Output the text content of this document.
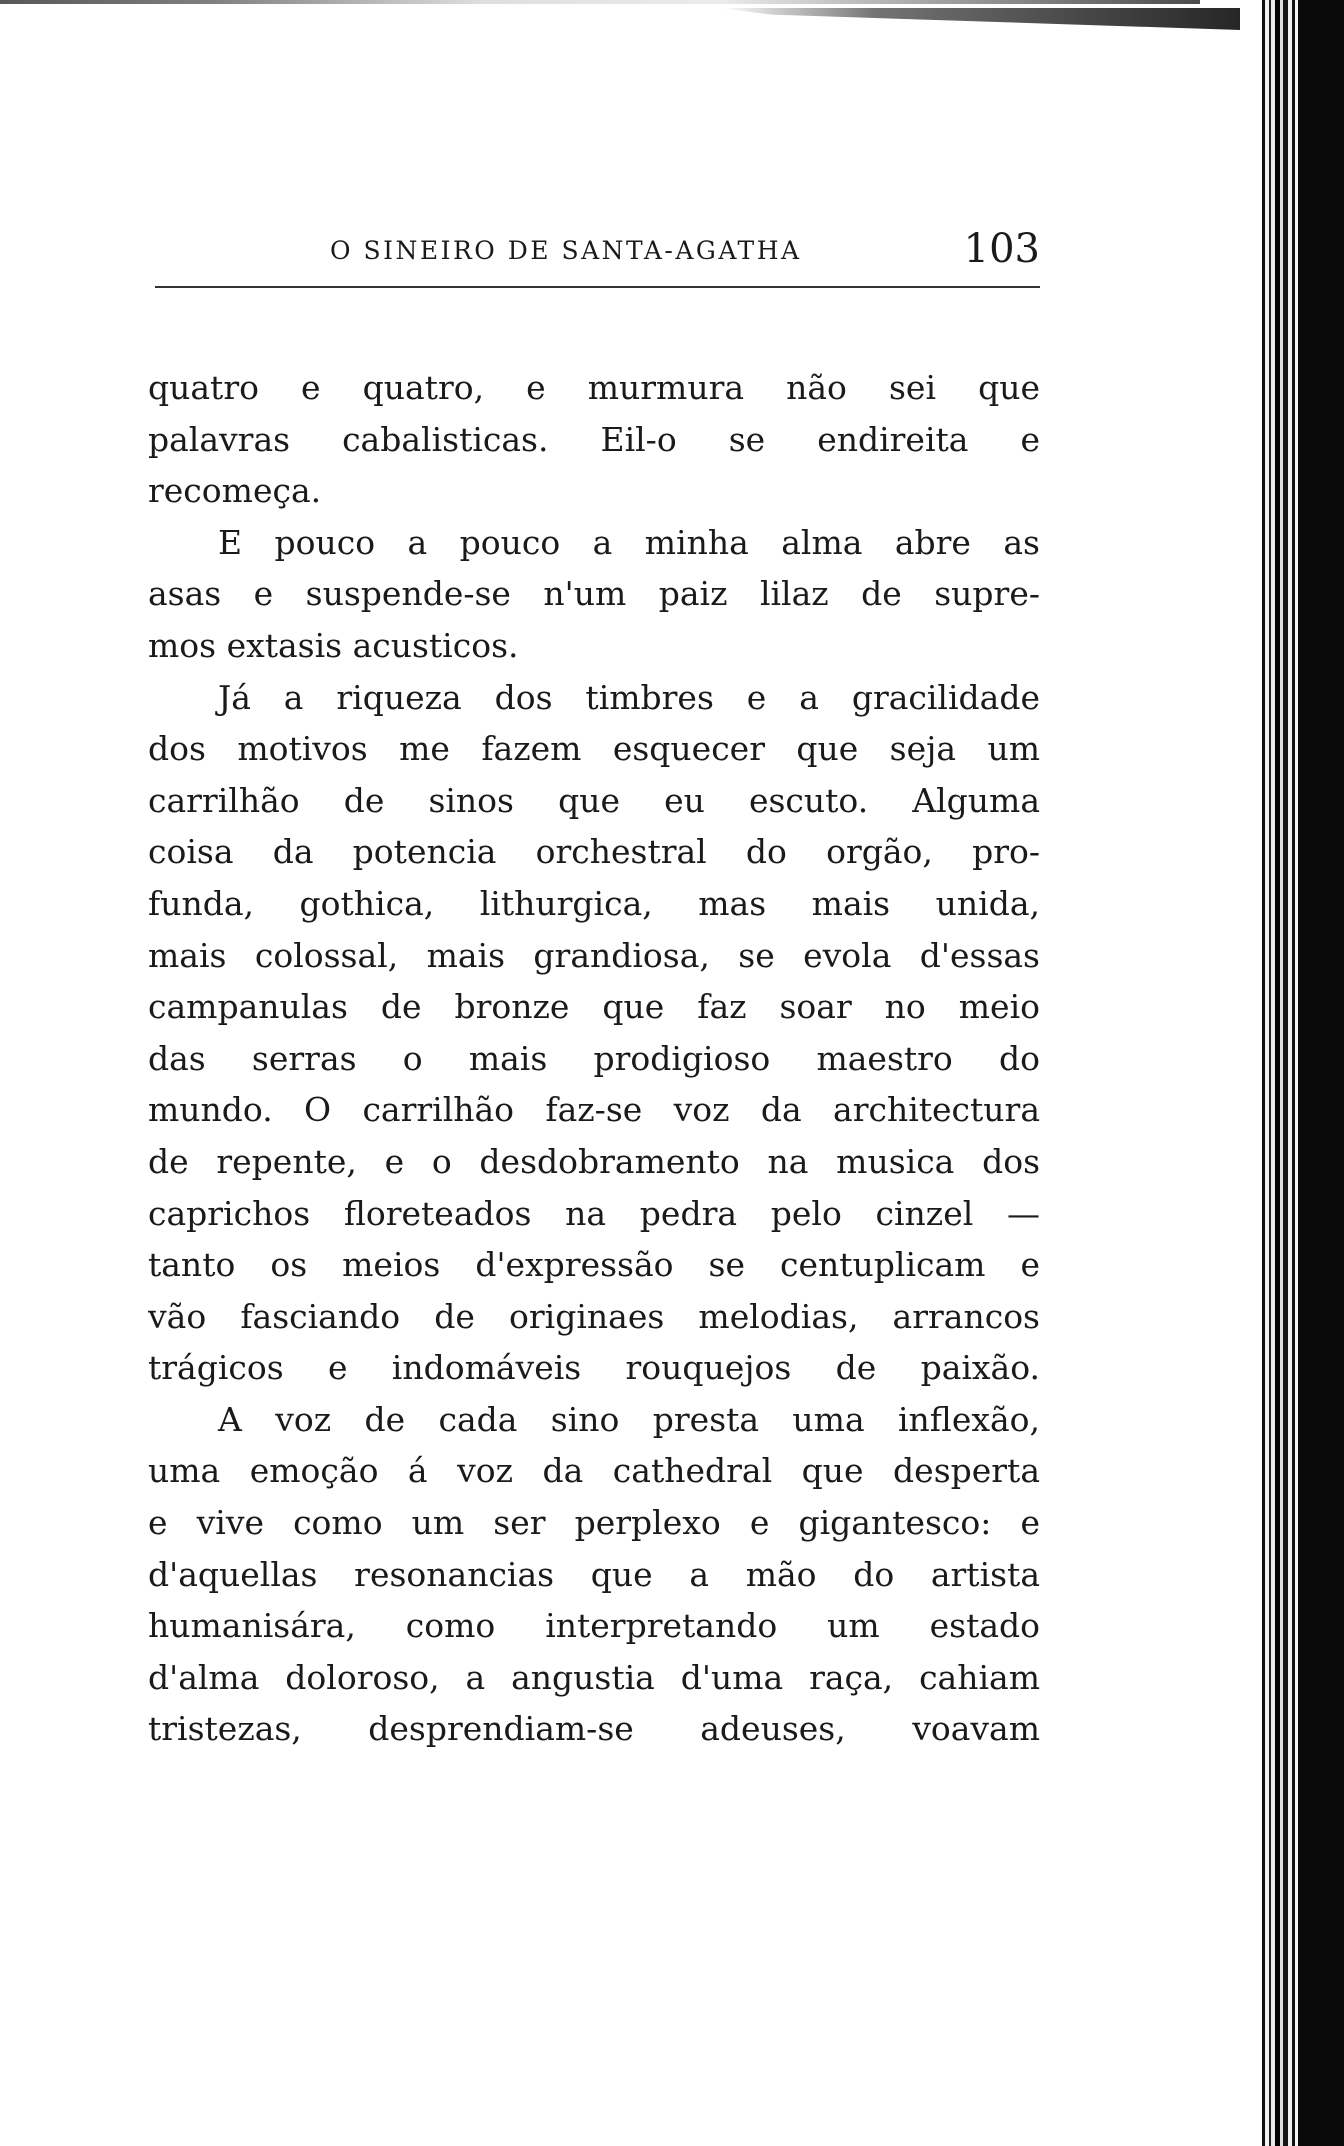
O SINEIRO DE SANTA-AGATHA	103
quatro e quatro, e murmura não sei que
palavras cabalisticas. Eil-o se endireita e
recomeça.
E pouco a pouco a minha alma abre as
asas e suspende-se n'um paiz lilaz de supre-
mos extasis acusticos.
Já a riqueza dos timbres e a gracilidade
dos motivos me fazem esquecer que seja um
carrilhão de sinos que eu escuto. Alguma
coisa da potencia orchestral do orgão, pro-
funda, gothica, lithurgica, mas mais unida,
mais colossal, mais grandiosa, se evola d'essas
campanulas de bronze que faz soar no meio
das serras o mais prodigioso maestro do
mundo. O carrilhão faz-se voz da architectura
de repente, e o desdobramento na musica dos
caprichos floreteados na pedra pelo cinzel —
tanto os meios d'expressão se centuplicam e
vão fasciando de originaes melodias, arrancos
trágicos e indomáveis rouquejos de paixão.
A voz de cada sino presta uma inflexão,
uma emoção á voz da cathedral que desperta
e vive como um ser perplexo e gigantesco: e
d'aquellas resonancias que a mão do artista
humanisára, como interpretando um estado
d'alma doloroso, a angustia d'uma raça, cahiam
tristezas, desprendiam-se adeuses, voavam
